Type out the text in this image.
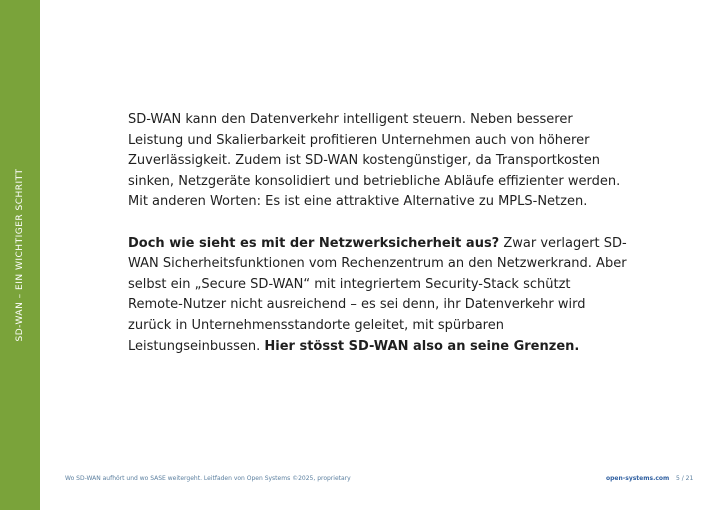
SD-WAN – EIN WICHTIGER SCHRITT

SD-WAN kann den Datenverkehr intelligent steuern. Neben besserer Leistung und Skalierbarkeit profitieren Unternehmen auch von höherer Zuverlässigkeit. Zudem ist SD-WAN kostengünstiger, da Transportkosten sinken, Netzgeräte konsolidiert und betriebliche Abläufe effizienter werden. Mit anderen Worten: Es ist eine attraktive Alternative zu MPLS-Netzen.

Doch wie sieht es mit der Netzwerksicherheit aus? Zwar verlagert SD-WAN Sicherheitsfunktionen vom Rechenzentrum an den Netzwerkrand. Aber selbst ein „Secure SD-WAN“ mit integriertem Security-Stack schützt Remote-Nutzer nicht ausreichend – es sei denn, ihr Datenverkehr wird zurück in Unternehmensstandorte geleitet, mit spürbaren Leistungseinbussen. Hier stösst SD-WAN also an seine Grenzen.

Wo SD-WAN aufhört und wo SASE weitergeht. Leitfaden von Open Systems ©2025, proprietary	open-systems.com 5 / 21
